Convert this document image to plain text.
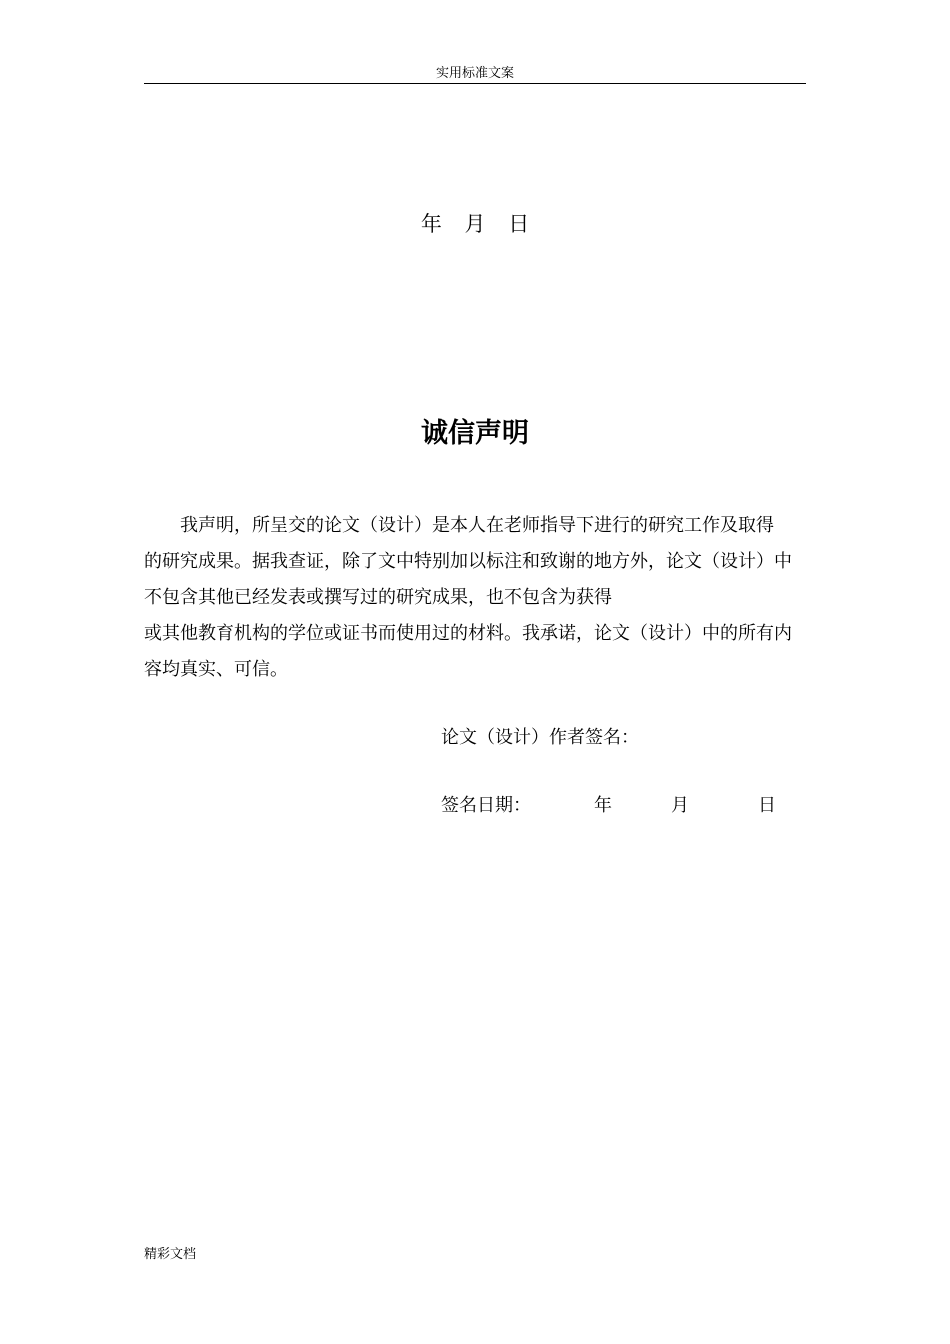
实用标准文案
年 月 日
诚信声明

我声明，所呈交的论文（设计）是本人在老师指导下进行的研究工作及取得

的研究成果。据我查证，除了文中特别加以标注和致谢的地方外，论文（设计）中

不包含其他已经发表或撰写过的研究成果，也不包含为获得

或其他教育机构的学位或证书而使用过的材料。我承诺，论文（设计）中的所有内

容均真实、可信。

论文（设计）作者签名：
签名日期：	年	月	日
精彩文档
